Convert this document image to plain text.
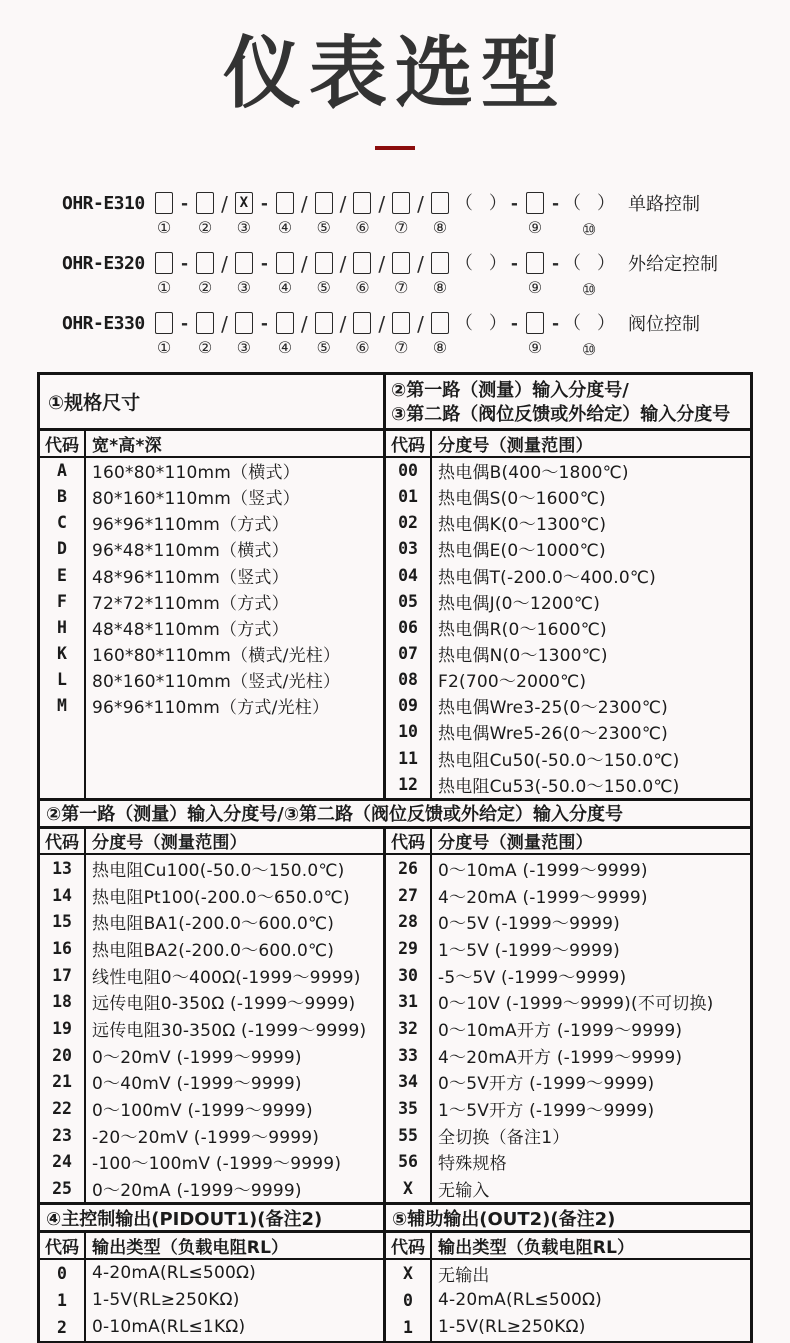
仪表选型
OHR-E310
①
-
②
/ X
③
-
④
/
⑤
/
⑥
/
⑦
/
⑧
（ ） -
⑨
- （ ）
⑩
单路控制
OHR-E320
①
-
②
/
③
-
④
/
⑤
/
⑥
/
⑦
/
⑧
（ ） -
⑨
- （ ）
⑩
外给定控制
OHR-E330
①
-
②
/
③
-
④
/
⑤
/
⑥
/
⑦
/
⑧
（ ） -
⑨
- （ ）
⑩
阀位控制
①规格尺寸
②第一路（测量）输入分度号/
③第二路（阀位反馈或外给定）输入分度号
代码 宽*高*深
A	160*80*110mm（横式）
B	80*160*110mm（竖式）
C	96*96*110mm（方式）
D	96*48*110mm（横式）
E	48*96*110mm（竖式）
F	72*72*110mm（方式）
H	48*48*110mm（方式）
K	160*80*110mm（横式/光柱）
L	80*160*110mm（竖式/光柱）
M	96*96*110mm（方式/光柱）
代码 分度号（测量范围）
00	热电偶B(400～1800℃)
01	热电偶S(0～1600℃)
02	热电偶K(0～1300℃)
03	热电偶E(0～1000℃)
04	热电偶T(-200.0～400.0℃)
05	热电偶J(0～1200℃)
06	热电偶R(0～1600℃)
07	热电偶N(0～1300℃)
08	F2(700～2000℃)
09	热电偶Wre3-25(0～2300℃)
10	热电偶Wre5-26(0～2300℃)
11	热电阻Cu50(-50.0～150.0℃)
12	热电阻Cu53(-50.0～150.0℃)
②第一路（测量）输入分度号/③第二路（阀位反馈或外给定）输入分度号
代码 分度号（测量范围）
13	热电阻Cu100(-50.0～150.0℃)
14	热电阻Pt100(-200.0～650.0℃)
15	热电阻BA1(-200.0～600.0℃)
16	热电阻BA2(-200.0～600.0℃)
17	线性电阻0～400Ω(-1999～9999)
18	远传电阻0-350Ω (-1999～9999)
19	远传电阻30-350Ω (-1999～9999)
20	0～20mV (-1999～9999)
21	0～40mV (-1999～9999)
22	0～100mV (-1999～9999)
23	-20～20mV (-1999～9999)
24	-100～100mV (-1999～9999)
25	0～20mA (-1999～9999)
代码 分度号（测量范围）
26	0～10mA (-1999～9999)
27	4～20mA (-1999～9999)
28	0～5V (-1999～9999)
29	1～5V (-1999～9999)
30	-5～5V (-1999～9999)
31	0～10V (-1999～9999)(不可切换)
32	0～10mA开方 (-1999～9999)
33	4～20mA开方 (-1999～9999)
34	0～5V开方 (-1999～9999)
35	1～5V开方 (-1999～9999)
55	全切换（备注1）
56	特殊规格
X	无输入
④主控制输出(PIDOUT1)(备注2)	⑤辅助输出(OUT2)(备注2)
代码 输出类型（负载电阻RL）
0	4-20mA(RL≤500Ω)
1	1-5V(RL≥250KΩ)
2	0-10mA(RL≤1KΩ)
代码 输出类型（负载电阻RL）
X	无输出
0	4-20mA(RL≤500Ω)
1	1-5V(RL≥250KΩ)
